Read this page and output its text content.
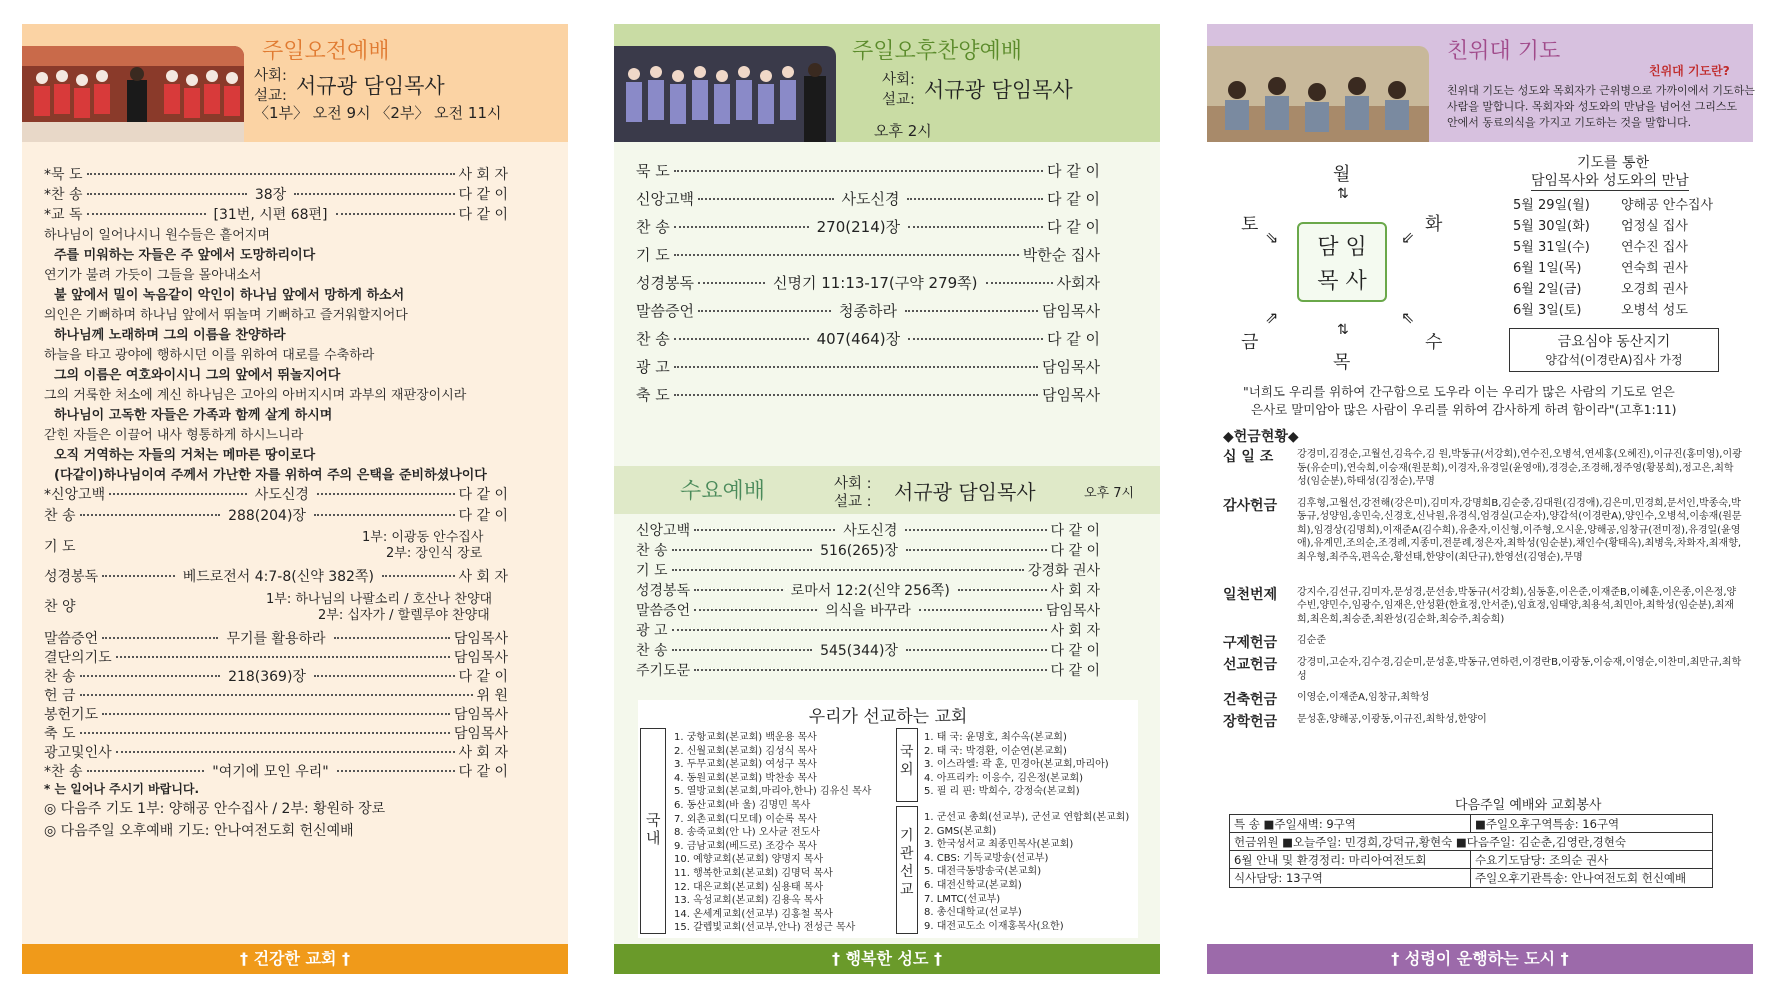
주일오전예배
사회:
설교: 서규광 담임목사
〈1부〉 오전 9시 〈2부〉 오전 11시
*묵 도	사 회 자
*찬 송	38장	다 같 이
*교 독	[31번, 시편 68편]	다 같 이
하나님이 일어나시니 원수들은 흩어지며
주를 미워하는 자들은 주 앞에서 도망하리이다
연기가 불려 가듯이 그들을 몰아내소서
불 앞에서 밀이 녹음같이 악인이 하나님 앞에서 망하게 하소서
의인은 기뻐하며 하나님 앞에서 뛰놀며 기뻐하고 즐거워할지어다
하나님께 노래하며 그의 이름을 찬양하라
하늘을 타고 광야에 행하시던 이를 위하여 대로를 수축하라
그의 이름은 여호와이시니 그의 앞에서 뛰놀지어다
그의 거룩한 처소에 계신 하나님은 고아의 아버지시며 과부의 재판장이시라
하나님이 고독한 자들은 가족과 함께 살게 하시며
갇힌 자들은 이끌어 내사 형통하게 하시느니라
오직 거역하는 자들의 거처는 메마른 땅이로다
(다같이)하나님이여 주께서 가난한 자를 위하여 주의 은택을 준비하셨나이다
*신앙고백	사도신경	다 같 이
찬 송	288(204)장	다 같 이
기 도
1부: 이광동 안수집사
2부: 장인식 장로
성경봉독	베드로전서 4:7-8(신약 382쪽)	사 회 자
찬 양	1부: 하나님의 나팔소리 / 호산나 찬양대
2부: 십자가 / 할렐루야 찬양대
말씀증언	무기를 활용하라	담임목사
결단의기도	담임목사
찬 송	218(369)장	다 같 이
헌 금	위 원
봉헌기도	담임목사
축 도	담임목사
광고및인사	사 회 자
*찬 송	"여기에 모인 우리"	다 같 이
* 는 일어나 주시기 바랍니다.
◎ 다음주 기도 1부: 양해공 안수집사 / 2부: 황원하 장로
◎ 다음주일 오후예배 기도: 안나여전도회 헌신예배
† 건강한 교회 †
주일오후찬양예배
사회:
설교: 서규광 담임목사
오후 2시
묵 도	다 같 이
신앙고백	사도신경	다 같 이
찬 송	270(214)장	다 같 이
기 도	박한순 집사
성경봉독	신명기 11:13-17(구약 279쪽)	사회자
말씀증언	청종하라	담임목사
찬 송	407(464)장	다 같 이
광 고	담임목사
축 도	담임목사
수요예배	사회 :
설교 : 서규광 담임목사	오후 7시
신앙고백	사도신경	다 같 이
찬 송	516(265)장	다 같 이
기 도	강경화 권사
성경봉독	로마서 12:2(신약 256쪽)	사 회 자
말씀증언	의식을 바꾸라	담임목사
광 고	사 회 자
찬 송	545(344)장	다 같 이
주기도문	다 같 이
우리가 선교하는 교회
국내
1. 궁항교회(본교회) 백운용 목사
2. 신월교회(본교회) 김성식 목사
3. 두무교회(본교회) 여성구 목사
4. 동원교회(본교회) 박찬송 목사
5. 열방교회(본교회,마리아,한나) 김유신 목사
6. 동산교회(바 울) 김명민 목사
7. 외촌교회(디모데) 이순록 목사
8. 송죽교회(안 나) 오사균 전도사
9. 금남교회(베드로) 조강수 목사
10. 예향교회(본교회) 양명지 목사
11. 행복한교회(본교회) 김명덕 목사
12. 대은교회(본교회) 심용태 목사
13. 옥성교회(본교회) 김용옥 목사
14. 온세계교회(선교부) 김홍철 목사
15. 갈렙빛교회(선교부,안나) 전성근 목사
국외
1. 태 국: 윤명호, 최수옥(본교회)
2. 태 국: 박경환, 이순연(본교회)
3. 이스라엘: 곽 훈, 민경아(본교회,마리아)
4. 아프리카: 이응수, 김은정(본교회)
5. 필 리 핀: 박희수, 강정숙(본교회)
기관선교
1. 군선교 총회(선교부), 군선교 연합회(본교회)
2. GMS(본교회)
3. 한국성서교 최종민목사(본교회)
4. CBS: 기독교방송(선교부)
5. 대전극동방송국(본교회)
6. 대전신학교(본교회)
7. LMTC(선교부)
8. 총신대학교(선교부)
9. 대전교도소 이재홍목사(요한)
† 행복한 성도 †
친위대 기도
친위대 기도란?
친위대 기도는 성도와 목회자가 근위병으로 가까이에서 기도하는
사람을 말합니다. 목회자와 성도와의 만남을 넘어선 그리스도
안에서 동료의식을 가지고 기도하는 것을 말합니다.
월
⇅
토
⇘
화
⇙
담 임
목 사
⇗
금
⇖
수
⇅
목
기도를 통한
담임목사와 성도와의 만남
5월 29일(월) 양해공 안수집사
5월 30일(화) 엄정실 집사
5월 31일(수) 연수진 집사
6월 1일(목)	연숙희 권사
6월 2일(금)	오경희 권사
6월 3일(토)	오병석 성도
금요심야 동산지기
양갑석(이경란A)집사 가정
"너희도 우리를 위하여 간구함으로 도우라 이는 우리가 많은 사람의 기도로 얻은
은사로 말미암아 많은 사람이 우리를 위하여 감사하게 하려 함이라"(고후1:11)
◆헌금현황◆
십 일 조 강경미,김경순,고월선,김육수,김 원,박동규(서강회),연수진,오병석,연세홍(오혜진),이규진(홍미영),이광동(유순미),연숙희,이승재(원문희),이경자,유경일(윤영애),경경순,조경해,정주영(황봉희),정고은,최학성(임순분),하태성(김정순),무명
감사헌금 김후형,고월선,강전해(강은미),김미자,강명희B,김순중,김대원(김경애),김은미,민경희,문서인,박종숙,박동규,성양임,송민숙,신경호,신낙원,유경식,엄경실(고순자),양갑석(이경란A),양인수,오병석,이송재(원문희),임경상(김명희),이재준A(김수희),유춘자,이신형,이주형,오시운,양해공,임창규(전미정),유경일(윤영애),유계민,조의순,조경례,지종미,전문례,정은자,최학성(임순분),채인수(황태옥),최병욱,차화자,최재향,최우형,최주옥,편옥순,황선태,한양이(최단규),한영선(김영순),무명
일천번제 강지수,김선규,김미자,문성경,문선송,박동규(서강회),심동훈,이은준,이재준B,이혜훈,이은종,이은정,양수빈,양민수,임광수,임재은,안성환(한효정,안서준),임효정,임태양,최용석,최민아,최학성(임순분),최재희,최은희,최승준,최완성(김순화,최승주,최승희)
구제헌금 김순준
선교헌금 강경미,고순자,김수경,김순미,문성훈,박동규,연하련,이경란B,이광동,이승재,이영순,이찬미,최만규,최학성
건축헌금 이영순,이재준A,임창규,최학성
장학헌금 문성훈,양해공,이광동,이규진,최학성,한양이
다음주일 예배와 교회봉사
특 송 ■주일새벽: 9구역	■주일오후구역특송: 16구역
헌금위원 ■오늘주일: 민경희,강덕규,황현숙 ■다음주일: 김순춘,김영란,경현숙
6월 안내 및 환경정리: 마리아여전도회	수요기도담당: 조의순 권사
식사담당: 13구역	주일오후기관특송: 안나여전도회 헌신예배
† 성령이 운행하는 도시 †
